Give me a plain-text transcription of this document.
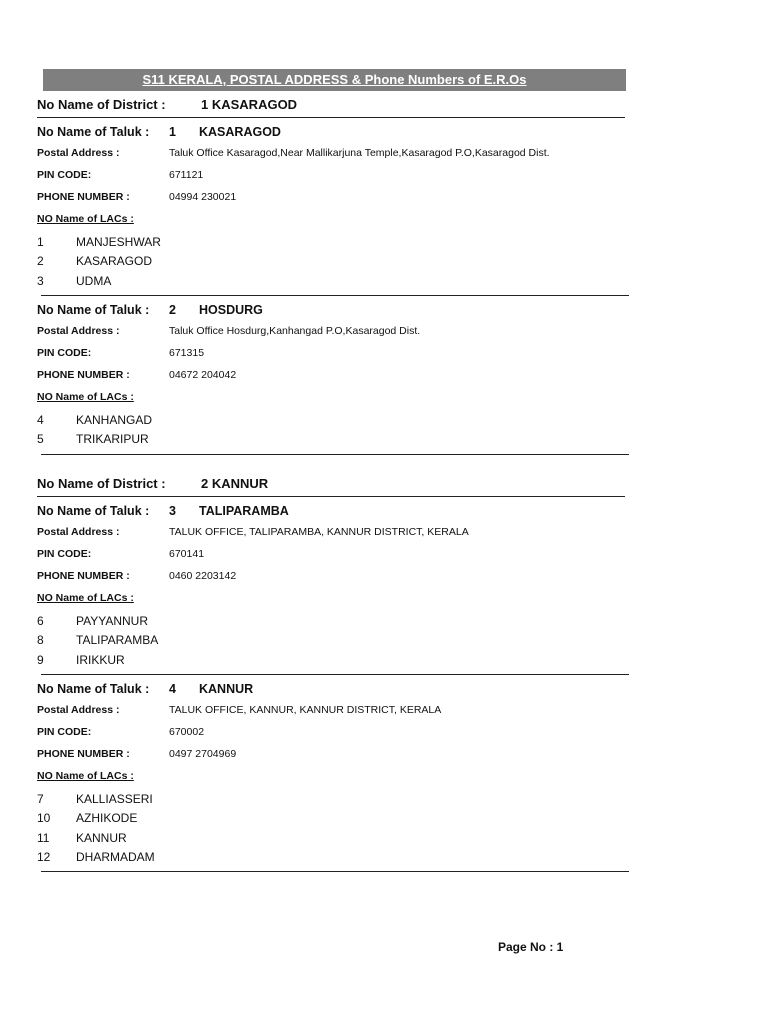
S11 KERALA, POSTAL ADDRESS & Phone Numbers of E.R.Os
No Name of District :	1 KASARAGOD
No Name of Taluk : 1 KASARAGOD
Postal Address :	Taluk Office Kasaragod,Near Mallikarjuna Temple,Kasaragod P.O,Kasaragod Dist.
PIN CODE:	671121
PHONE NUMBER :	04994 230021
NO Name of LACs :
1	MANJESHWAR
2	KASARAGOD
3	UDMA
No Name of Taluk : 2 HOSDURG
Postal Address :	Taluk Office Hosdurg,Kanhangad P.O,Kasaragod Dist.
PIN CODE:	671315
PHONE NUMBER :	04672 204042
NO Name of LACs :
4	KANHANGAD
5	TRIKARIPUR
No Name of District :	2 KANNUR
No Name of Taluk : 3 TALIPARAMBA
Postal Address :	TALUK OFFICE, TALIPARAMBA, KANNUR DISTRICT, KERALA
PIN CODE:	670141
PHONE NUMBER :	0460 2203142
NO Name of LACs :
6	PAYYANNUR
8	TALIPARAMBA
9	IRIKKUR
No Name of Taluk : 4 KANNUR
Postal Address :	TALUK OFFICE, KANNUR, KANNUR DISTRICT, KERALA
PIN CODE:	670002
PHONE NUMBER :	0497 2704969
NO Name of LACs :
7	KALLIASSERI
10 AZHIKODE
11 KANNUR
12 DHARMADAM
Page No : 1
